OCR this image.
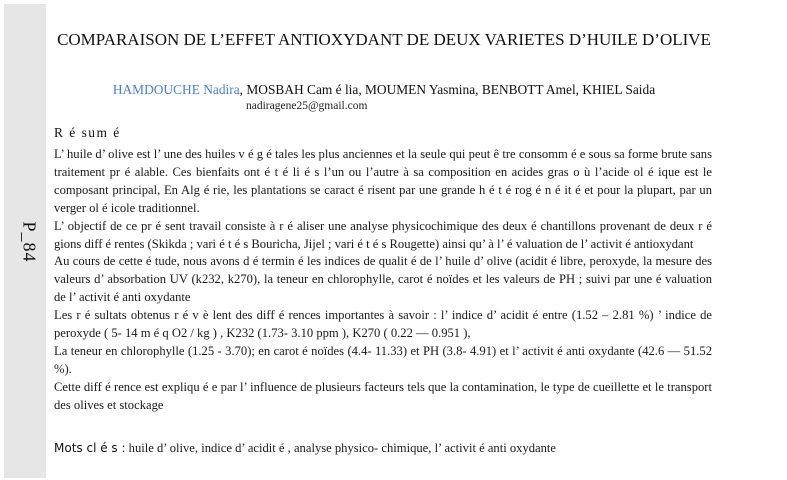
P_84
COMPARAISON DE L’EFFET ANTIOXYDANT DE DEUX VARIETES D’HUILE D’OLIVE
HAMDOUCHE Nadira, MOSBAH Cam é lia, MOUMEN Yasmina, BENBOTT Amel, KHIEL Saida
nadiragene25@gmail.com
R é sum é

L’ huile d’ olive est l’ une des huiles v é g é tales les plus anciennes et la seule qui peut ê tre consomm é e sous sa forme brute sans traitement pr é alable. Ces bienfaits ont é t é li é s l’un ou l’autre à sa composition en acides gras o ù l’acide ol é ique est le composant principal, En Alg é rie, les plantations se caract é risent par une grande h é t é rog é n é it é et pour la plupart, par un verger ol é icole traditionnel.

L’ objectif de ce pr é sent travail consiste à r é aliser une analyse physicochimique des deux é chantillons provenant de deux r é gions diff é rentes (Skikda ; vari é t é s Bouricha, Jijel ; vari é t é s Rougette) ainsi qu’ à l’ é valuation de l’ activit é antioxydant

Au cours de cette é tude, nous avons d é termin é les indices de qualit é de l’ huile d’ olive (acidit é libre, peroxyde, la mesure des valeurs d’ absorbation UV (k232, k270), la teneur en chlorophylle, carot é noïdes et les valeurs de PH ; suivi par une é valuation de l’ activit é anti oxydante

Les r é sultats obtenus r é v è lent des diff é rences importantes à savoir : l’ indice d’ acidit é entre (1.52 – 2.81 %) ’ indice de peroxyde ( 5- 14 m é q O2 / kg ) , K232 (1.73- 3.10 ppm ), K270 ( 0.22 — 0.951 ),

La teneur en chlorophylle (1.25 - 3.70); en carot é noïdes (4.4- 11.33) et PH (3.8- 4.91) et l’ activit é anti oxydante (42.6 — 51.52 %).

Cette diff é rence est expliqu é e par l’ influence de plusieurs facteurs tels que la contamination, le type de cueillette et le transport des olives et stockage

Mots cl é s : huile d’ olive, indice d’ acidit é , analyse physico- chimique, l’ activit é anti oxydante
